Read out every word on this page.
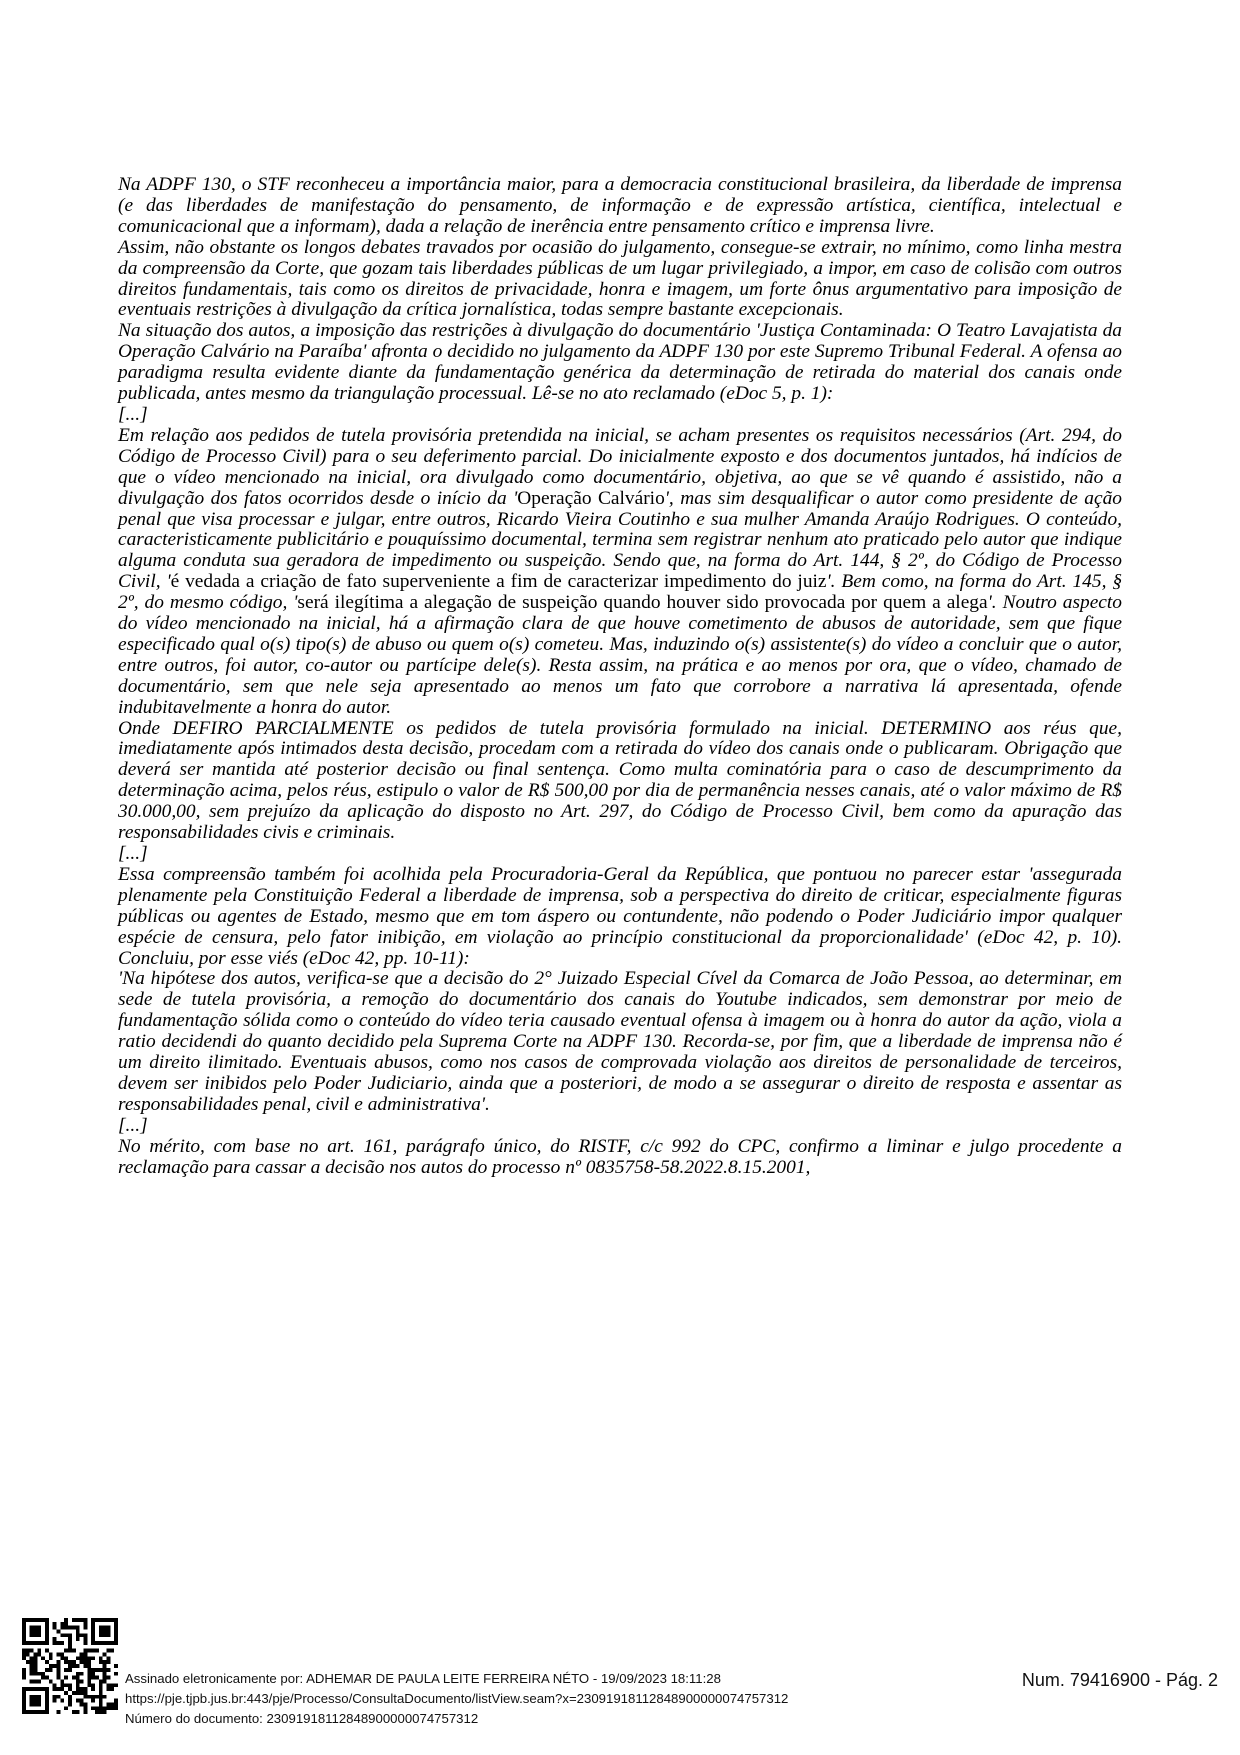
Na ADPF 130, o STF reconheceu a importância maior, para a democracia constitucional brasileira, da liberdade de imprensa (e das liberdades de manifestação do pensamento, de informação e de expressão artística, científica, intelectual e comunicacional que a informam), dada a relação de inerência entre pensamento crítico e imprensa livre.

Assim, não obstante os longos debates travados por ocasião do julgamento, consegue-se extrair, no mínimo, como linha mestra da compreensão da Corte, que gozam tais liberdades públicas de um lugar privilegiado, a impor, em caso de colisão com outros direitos fundamentais, tais como os direitos de privacidade, honra e imagem, um forte ônus argumentativo para imposição de eventuais restrições à divulgação da crítica jornalística, todas sempre bastante excepcionais.

Na situação dos autos, a imposição das restrições à divulgação do documentário 'Justiça Contaminada: O Teatro Lavajatista da Operação Calvário na Paraíba' afronta o decidido no julgamento da ADPF 130 por este Supremo Tribunal Federal. A ofensa ao paradigma resulta evidente diante da fundamentação genérica da determinação de retirada do material dos canais onde publicada, antes mesmo da triangulação processual. Lê-se no ato reclamado (eDoc 5, p. 1):

[...]

Em relação aos pedidos de tutela provisória pretendida na inicial, se acham presentes os requisitos necessários (Art. 294, do Código de Processo Civil) para o seu deferimento parcial. Do inicialmente exposto e dos documentos juntados, há indícios de que o vídeo mencionado na inicial, ora divulgado como documentário, objetiva, ao que se vê quando é assistido, não a divulgação dos fatos ocorridos desde o início da 'Operação Calvário', mas sim desqualificar o autor como presidente de ação penal que visa processar e julgar, entre outros, Ricardo Vieira Coutinho e sua mulher Amanda Araújo Rodrigues. O conteúdo, caracteristicamente publicitário e pouquíssimo documental, termina sem registrar nenhum ato praticado pelo autor que indique alguma conduta sua geradora de impedimento ou suspeição. Sendo que, na forma do Art. 144, § 2º, do Código de Processo Civil, 'é vedada a criação de fato superveniente a fim de caracterizar impedimento do juiz'. Bem como, na forma do Art. 145, § 2º, do mesmo código, 'será ilegítima a alegação de suspeição quando houver sido provocada por quem a alega'. Noutro aspecto do vídeo mencionado na inicial, há a afirmação clara de que houve cometimento de abusos de autoridade, sem que fique especificado qual o(s) tipo(s) de abuso ou quem o(s) cometeu. Mas, induzindo o(s) assistente(s) do vídeo a concluir que o autor, entre outros, foi autor, co-autor ou partícipe dele(s). Resta assim, na prática e ao menos por ora, que o vídeo, chamado de documentário, sem que nele seja apresentado ao menos um fato que corrobore a narrativa lá apresentada, ofende indubitavelmente a honra do autor.

Onde DEFIRO PARCIALMENTE os pedidos de tutela provisória formulado na inicial. DETERMINO aos réus que, imediatamente após intimados desta decisão, procedam com a retirada do vídeo dos canais onde o publicaram. Obrigação que deverá ser mantida até posterior decisão ou final sentença. Como multa cominatória para o caso de descumprimento da determinação acima, pelos réus, estipulo o valor de R$ 500,00 por dia de permanência nesses canais, até o valor máximo de R$ 30.000,00, sem prejuízo da aplicação do disposto no Art. 297, do Código de Processo Civil, bem como da apuração das responsabilidades civis e criminais.

[...]

Essa compreensão também foi acolhida pela Procuradoria-Geral da República, que pontuou no parecer estar 'assegurada plenamente pela Constituição Federal a liberdade de imprensa, sob a perspectiva do direito de criticar, especialmente figuras públicas ou agentes de Estado, mesmo que em tom áspero ou contundente, não podendo o Poder Judiciário impor qualquer espécie de censura, pelo fator inibição, em violação ao princípio constitucional da proporcionalidade' (eDoc 42, p. 10). Concluiu, por esse viés (eDoc 42, pp. 10-11):

'Na hipótese dos autos, verifica-se que a decisão do 2° Juizado Especial Cível da Comarca de João Pessoa, ao determinar, em sede de tutela provisória, a remoção do documentário dos canais do Youtube indicados, sem demonstrar por meio de fundamentação sólida como o conteúdo do vídeo teria causado eventual ofensa à imagem ou à honra do autor da ação, viola a ratio decidendi do quanto decidido pela Suprema Corte na ADPF 130. Recorda-se, por fim, que a liberdade de imprensa não é um direito ilimitado. Eventuais abusos, como nos casos de comprovada violação aos direitos de personalidade de terceiros, devem ser inibidos pelo Poder Judiciario, ainda que a posteriori, de modo a se assegurar o direito de resposta e assentar as responsabilidades penal, civil e administrativa'.

[...]

No mérito, com base no art. 161, parágrafo único, do RISTF, c/c 992 do CPC, confirmo a liminar e julgo procedente a reclamação para cassar a decisão nos autos do processo nº 0835758-58.2022.8.15.2001,

Assinado eletronicamente por: ADHEMAR DE PAULA LEITE FERREIRA NÉTO - 19/09/2023 18:11:28
https://pje.tjpb.jus.br:443/pje/Processo/ConsultaDocumento/listView.seam?x=23091918112848900000074757312
Número do documento: 23091918112848900000074757312
Num. 79416900 - Pág. 2
